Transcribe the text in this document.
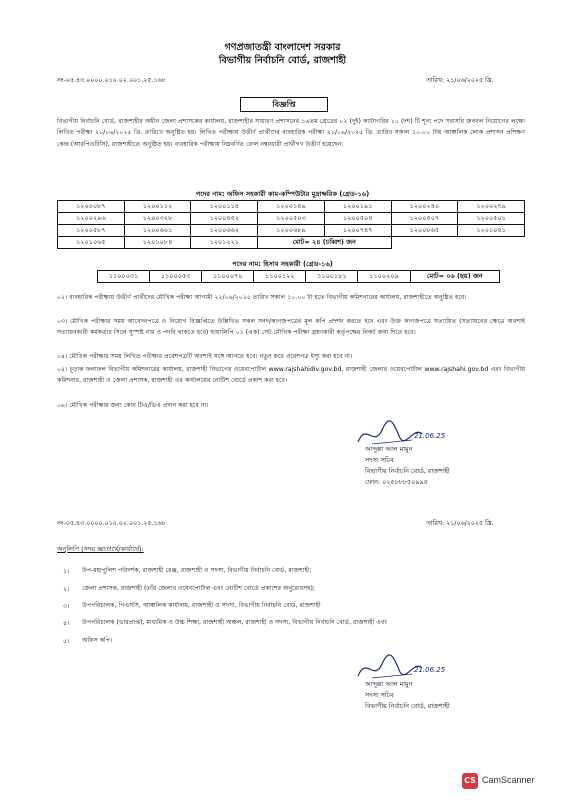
গণপ্রজাতন্ত্রী বাংলাদেশ সরকার
বিভাগীয় নির্বাচনি বোর্ড, রাজশাহী
নং-০৫.৪৩.০০০০.০১০.০২.০০১.২৫.১৬৮	তারিখ: ২১/০৬/২০২৫ খ্রি.
বিজ্ঞপ্তি
বিভাগীয় নির্বাচনি বোর্ড, রাজশাহীর অধীন জেলা প্রশাসকের কার্যালয়, রাজশাহীর সাধারণ প্রশাসনের ১৬তম গ্রেডের ০২ (দুই) ক্যাটাগরির ১০ (দশ) টি শূন্য পদে সরাসরি জনবল নিয়োগের লক্ষ্যে লিখিত পরীক্ষা ২০/০৬/২০২৫ খ্রি. তারিখে অনুষ্ঠিত হয়। লিখিত পরীক্ষায় উত্তীর্ণ প্রার্থীদের ব্যবহারিক পরীক্ষা ২১/০৬/২০২৫ খ্রি. তারিখ সকাল ১০.০০ টায় আঞ্চলিক লোক প্রশাসন প্রশিক্ষণ কেন্দ্র (আরপিএটিসি), রাজশাহীতে অনুষ্ঠিত হয়। ব্যবহারিক পরীক্ষায় নিম্নবর্ণিত রোল নম্বরধারী প্রার্থীগণ উত্তীর্ণ হয়েছেন:
পদের নাম: অফিস সহকারী কাম-কম্পিউটার মুদ্রাক্ষরিক (গ্রেড-১৬)
১২০০০৮৭	১২০০১১২	১২০০১১৪	১২০০১৪৯	১২০০১৯১	১২০০২৪০	১২০০২৭৯
১২০০২৯৬	১২০০৩২৮	১২০০৪৫২	১২০০৫০৩	১২০০৫০৪	১২০০৫০৭	১২০০৫০১
১২০০৫৮৭	১২০০৬০১	১২০০৬৬২	১২০০৬৮৯	১২০০৭৪৭	১২০০৮৬৫	১২০১০৫১
১২০১০৬৫	১২০১০৮৪	১২০১২২১	মোট= ২৪ (চব্বিশ) জন			
পদের নাম: হিসাব সহকারী (গ্রেড-১৬)
১১০০০৩১	১১০০০৫৩	১১০০০৭০	১১০০১২২	১১০০১৮১	১১০০২০৯	মোট= ০৬ (ছয়) জন
০২। ব্যবহারিক পরীক্ষায় উত্তীর্ণ প্রার্থীদের মৌখিক পরীক্ষা আগামী ২২/০৬/২০২৫ তারিখ সকাল ১০.০০ টা হতে বিভাগীয় কমিশনারের কার্যালয়, রাজশাহীতে অনুষ্ঠিত হবে।
০৩। মৌখিক পরীক্ষার সময় আবেদনপত্রে ও নিয়োগ বিজ্ঞপ্তিতে উল্লিখিত সকল সনদ/কাগজপত্রের মূল কপি প্রদর্শন করতে হবে এবং উক্ত কাগজপত্রে সত্যায়িত (সত্যায়নের ক্ষেত্রে অবশ্যই সত্যায়নকারী কর্মকর্তার সিলে সুস্পষ্ট নাম ও পদবি থাকতে হবে) ছায়ালিপি ০১ (এক) সেট মৌখিক পরীক্ষা গ্রহণকারী কর্তৃপক্ষের নিকট জমা দিতে হবে।
০৪। মৌখিক পরীক্ষার সময় লিখিত পরীক্ষার প্রবেশপত্রটি অবশ্যই সঙ্গে আনতে হবে। নতুন করে প্রবেশপত্র ইস্যু করা হবে না।
০৫। চূড়ান্ত ফলাফল বিভাগীয় কমিশনারের কার্যালয়, রাজশাহী বিভাগের ওয়েবপোর্টাল www.rajshahidiv.gov.bd, রাজশাহী জেলার ওয়েবপোর্টাল www.rajshahi.gov.bd এবং বিভাগীয় কমিশনার, রাজশাহী ও জেলা প্রশাসক, রাজশাহী এর কার্যালয়ের নোটিশ বোর্ডে প্রকাশ করা হবে।
০৬। মৌখিক পরীক্ষার জন্য কোন টিএ/ডিএ প্রদান করা হবে না।
21.06.25
আব্দুল্লা আল মামুন
সদস্য সচিব
বিভাগীয় নির্বাচনি বোর্ড, রাজশাহী
ফোন: ০২৫৮৮৮৫০৯৯৫
নং-০৫.৪৩.০০০০.০১০.০২.০০১.২৫.১৬৮	তারিখ: ২১/০৬/২০২৫ খ্রি.
অনুলিপি (সদয় জ্ঞাতার্থে/কার্যার্থে):
১। উপ-মহাপুলিশ পরিদর্শক, রাজশাহী রেঞ্জ, রাজশাহী ও সদস্য, বিভাগীয় নির্বাচনি বোর্ড, রাজশাহী;
২। জেলা প্রশাসক, রাজশাহী (তাঁর জেলার ওয়েবপোর্টাল এবং নোটিশ বোর্ডে প্রকাশের অনুরোধসহ);
৩। উপপরিচালক, পিএসসি, আঞ্চলিক কার্যালয়, রাজশাহী ও সদস্য, বিভাগীয় নির্বাচনি বোর্ড, রাজশাহী
৪। উপপরিচালক (ভারপ্রাপ্ত), মাধ্যমিক ও উচ্চ শিক্ষা, রাজশাহী অঞ্চল, রাজশাহী ও সদস্য, বিভাগীয় নির্বাচনি বোর্ড, রাজশাহী এবং
৫। অফিস কপি।
21.06.25
আব্দুল্লা আল মামুন
সদস্য সচিব
বিভাগীয় নির্বাচনি বোর্ড, রাজশাহী
CS CamScanner
